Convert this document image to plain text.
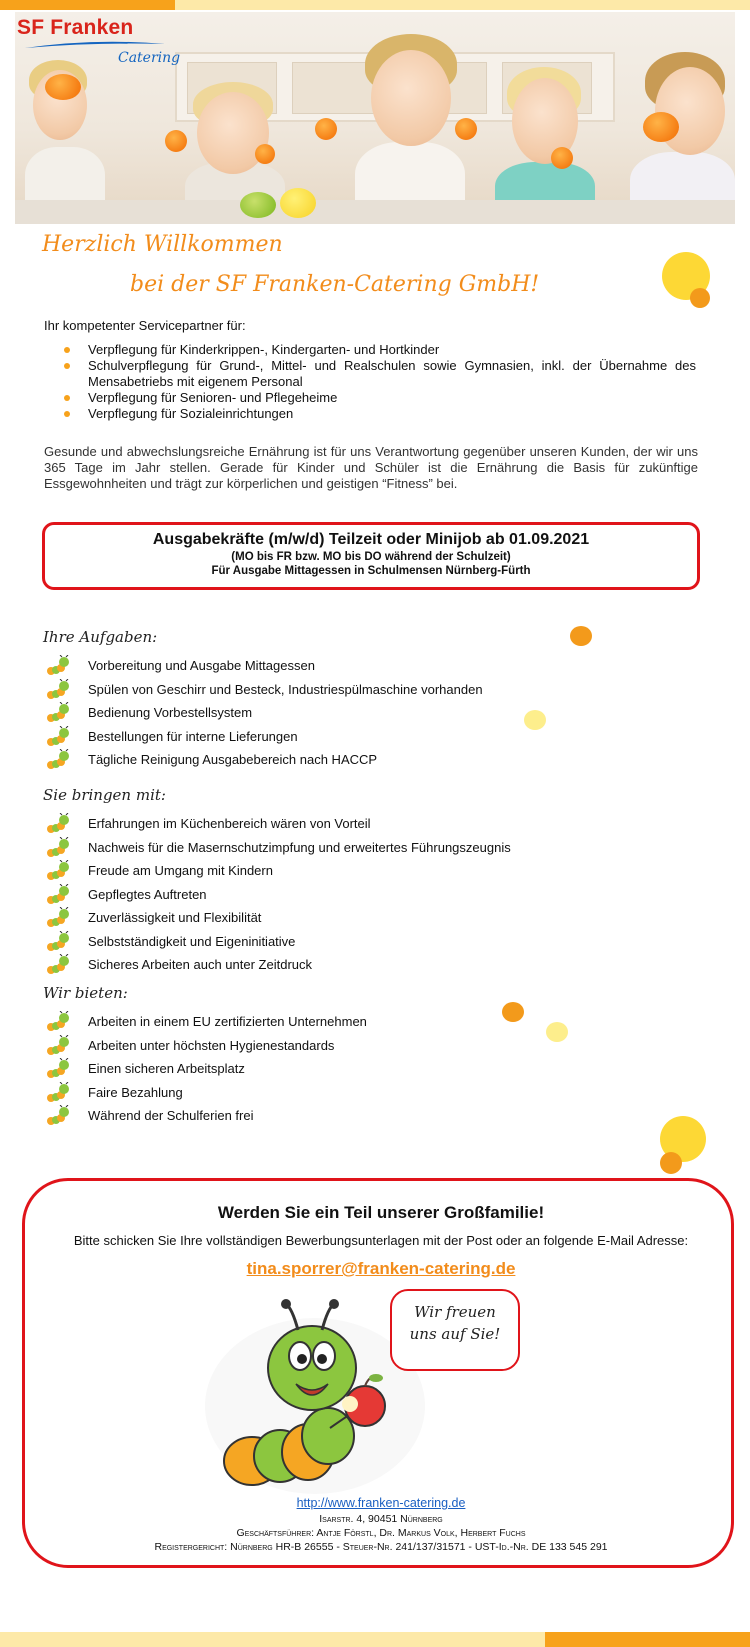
SF Franken
Catering
Herzlich Willkommen
bei der SF Franken-Catering GmbH!
Ihr kompetenter Servicepartner für:
Verpflegung für Kinderkrippen-, Kindergarten- und Hortkinder
Schulverpflegung für Grund-, Mittel- und Realschulen sowie Gymnasien, inkl. der Übernahme des Mensabetriebs mit eigenem Personal
Verpflegung für Senioren- und Pflegeheime
Verpflegung für Sozialeinrichtungen
Gesunde und abwechslungsreiche Ernährung ist für uns Verantwortung gegenüber unseren Kunden, der wir uns 365 Tage im Jahr stellen. Gerade für Kinder und Schüler ist die Ernährung die Basis für zukünftige Essgewohnheiten und trägt zur körperlichen und geistigen “Fitness” bei.
Ausgabekräfte (m/w/d) Teilzeit oder Minijob ab 01.09.2021
(MO bis FR bzw. MO bis DO während der Schulzeit)
Für Ausgabe Mittagessen in Schulmensen Nürnberg-Fürth
Ihre Aufgaben:
Vorbereitung und Ausgabe Mittagessen
Spülen von Geschirr und Besteck, Industriespülmaschine vorhanden
Bedienung Vorbestellsystem
Bestellungen für interne Lieferungen
Tägliche Reinigung Ausgabebereich nach HACCP
Sie bringen mit:
Erfahrungen im Küchenbereich wären von Vorteil
Nachweis für die Masernschutzimpfung und erweitertes Führungszeugnis
Freude am Umgang mit Kindern
Gepflegtes Auftreten
Zuverlässigkeit und Flexibilität
Selbstständigkeit und Eigeninitiative
Sicheres Arbeiten auch unter Zeitdruck
Wir bieten:
Arbeiten in einem EU zertifizierten Unternehmen
Arbeiten unter höchsten Hygienestandards
Einen sicheren Arbeitsplatz
Faire Bezahlung
Während der Schulferien frei
Werden Sie ein Teil unserer Großfamilie!
Bitte schicken Sie Ihre vollständigen Bewerbungsunterlagen mit der Post oder an folgende E-Mail Adresse:
tina.sporrer@franken-catering.de
Wir freuen
uns auf Sie!
http://www.franken-catering.de
Isarstr. 4, 90451 Nürnberg
Geschäftsführer: Antje Förstl, Dr. Markus Volk, Herbert Fuchs
Registergericht: Nürnberg HR-B 26555 - Steuer-Nr. 241/137/31571 - UST-Id.-Nr. DE 133 545 291
